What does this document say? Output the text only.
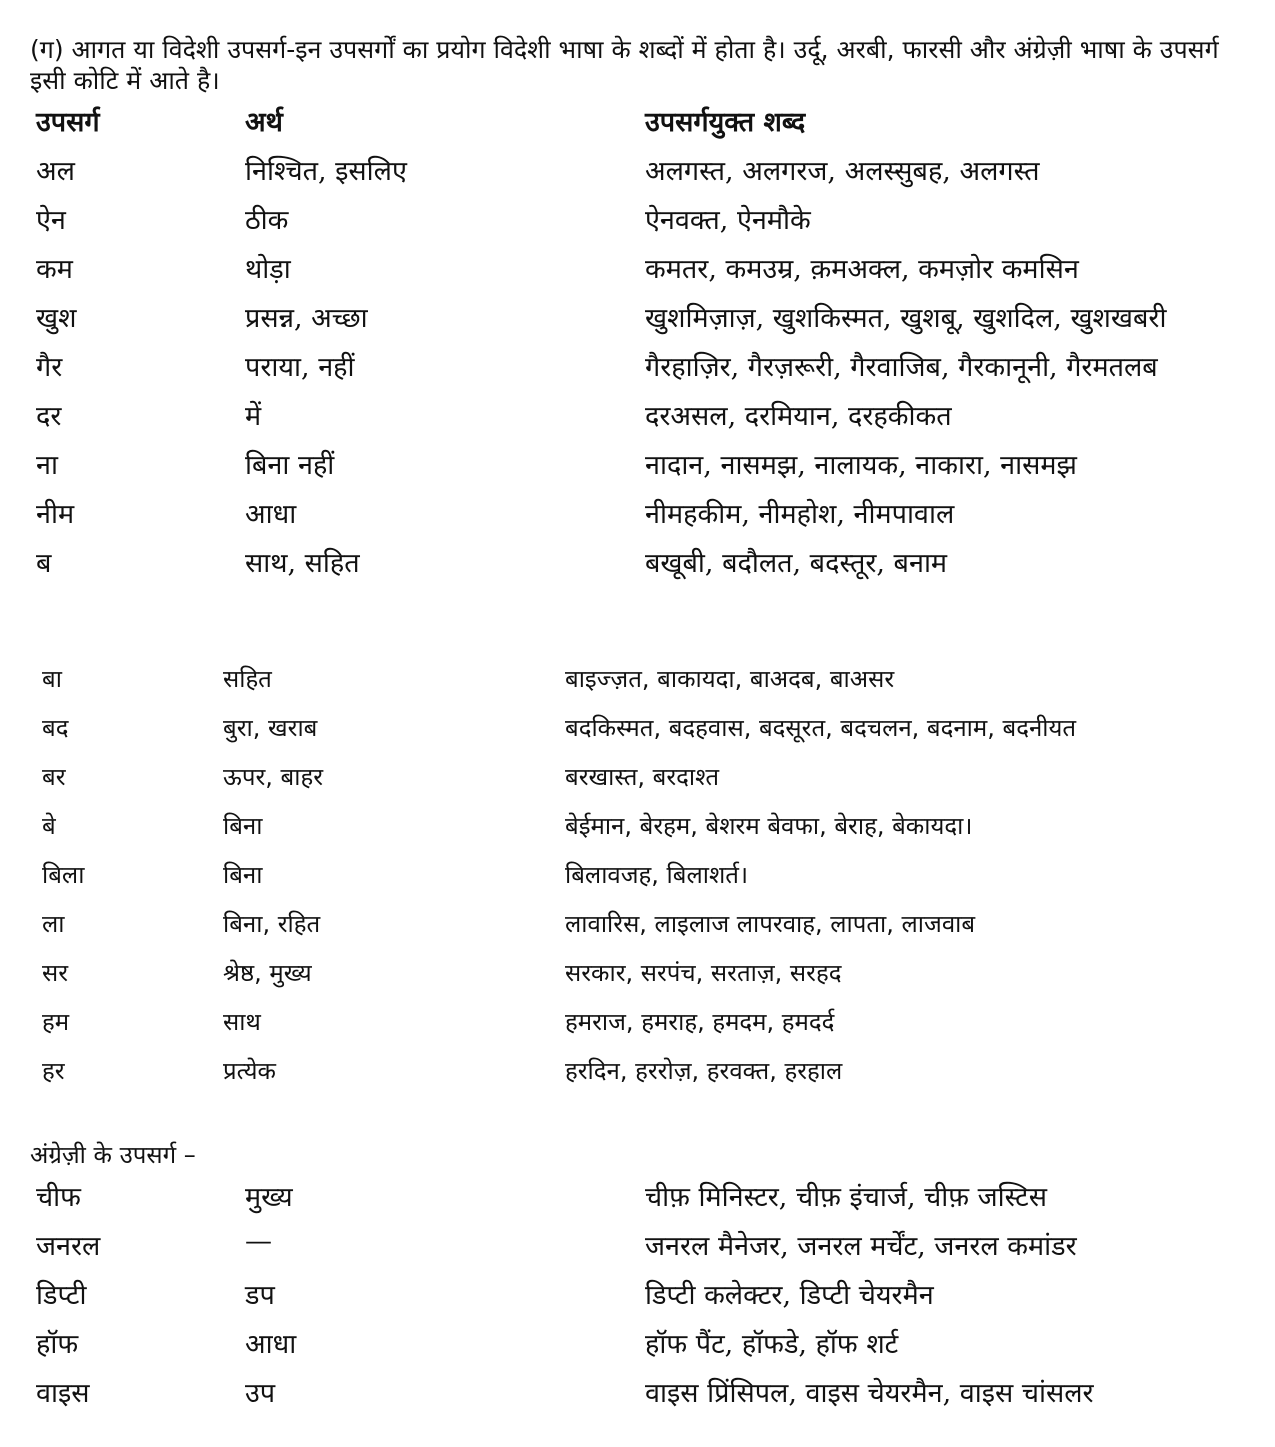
(ग) आगत या विदेशी उपसर्ग-इन उपसर्गों का प्रयोग विदेशी भाषा के शब्दों में होता है। उर्दू, अरबी, फारसी और अंग्रेज़ी भाषा के उपसर्ग इसी कोटि में आते है।
उपसर्ग	अर्थ	उपसर्गयुक्त शब्द
अल	निश्चित, इसलिए	अलगस्त, अलगरज, अलस्सुबह, अलगस्त
ऐन	ठीक	ऐनवक्त, ऐनमौके
कम	थोड़ा	कमतर, कमउम्र, क़मअक्ल, कमज़ोर कमसिन
खुश	प्रसन्न, अच्छा	खुशमिज़ाज़, खुशकिस्मत, खुशबू, खुशदिल, खुशखबरी
गैर	पराया, नहीं	गैरहाज़िर, गैरज़रूरी, गैरवाजिब, गैरकानूनी, गैरमतलब
दर	में	दरअसल, दरमियान, दरहकीकत
ना	बिना नहीं	नादान, नासमझ, नालायक, नाकारा, नासमझ
नीम	आधा	नीमहकीम, नीमहोश, नीमपावाल
ब	साथ, सहित	बखूबी, बदौलत, बदस्तूर, बनाम
बा	सहित	बाइज्ज़त, बाकायदा, बाअदब, बाअसर
बद	बुरा, खराब	बदकिस्मत, बदहवास, बदसूरत, बदचलन, बदनाम, बदनीयत
बर	ऊपर, बाहर	बरखास्त, बरदाश्त
बे	बिना	बेईमान, बेरहम, बेशरम बेवफा, बेराह, बेकायदा।
बिला	बिना	बिलावजह, बिलाशर्त।
ला	बिना, रहित	लावारिस, लाइलाज लापरवाह, लापता, लाजवाब
सर	श्रेष्ठ, मुख्य	सरकार, सरपंच, सरताज़, सरहद
हम	साथ	हमराज, हमराह, हमदम, हमदर्द
हर	प्रत्येक	हरदिन, हररोज़, हरवक्त, हरहाल
अंग्रेज़ी के उपसर्ग –
चीफ	मुख्य	चीफ़ मिनिस्टर, चीफ़ इंचार्ज, चीफ़ जस्टिस
जनरल	—	जनरल मैनेजर, जनरल मर्चेंट, जनरल कमांडर
डिप्टी	डप	डिप्टी कलेक्टर, डिप्टी चेयरमैन
हॉफ	आधा	हॉफ पैंट, हॉफडे, हॉफ शर्ट
वाइस	उप	वाइस प्रिंसिपल, वाइस चेयरमैन, वाइस चांसलर
